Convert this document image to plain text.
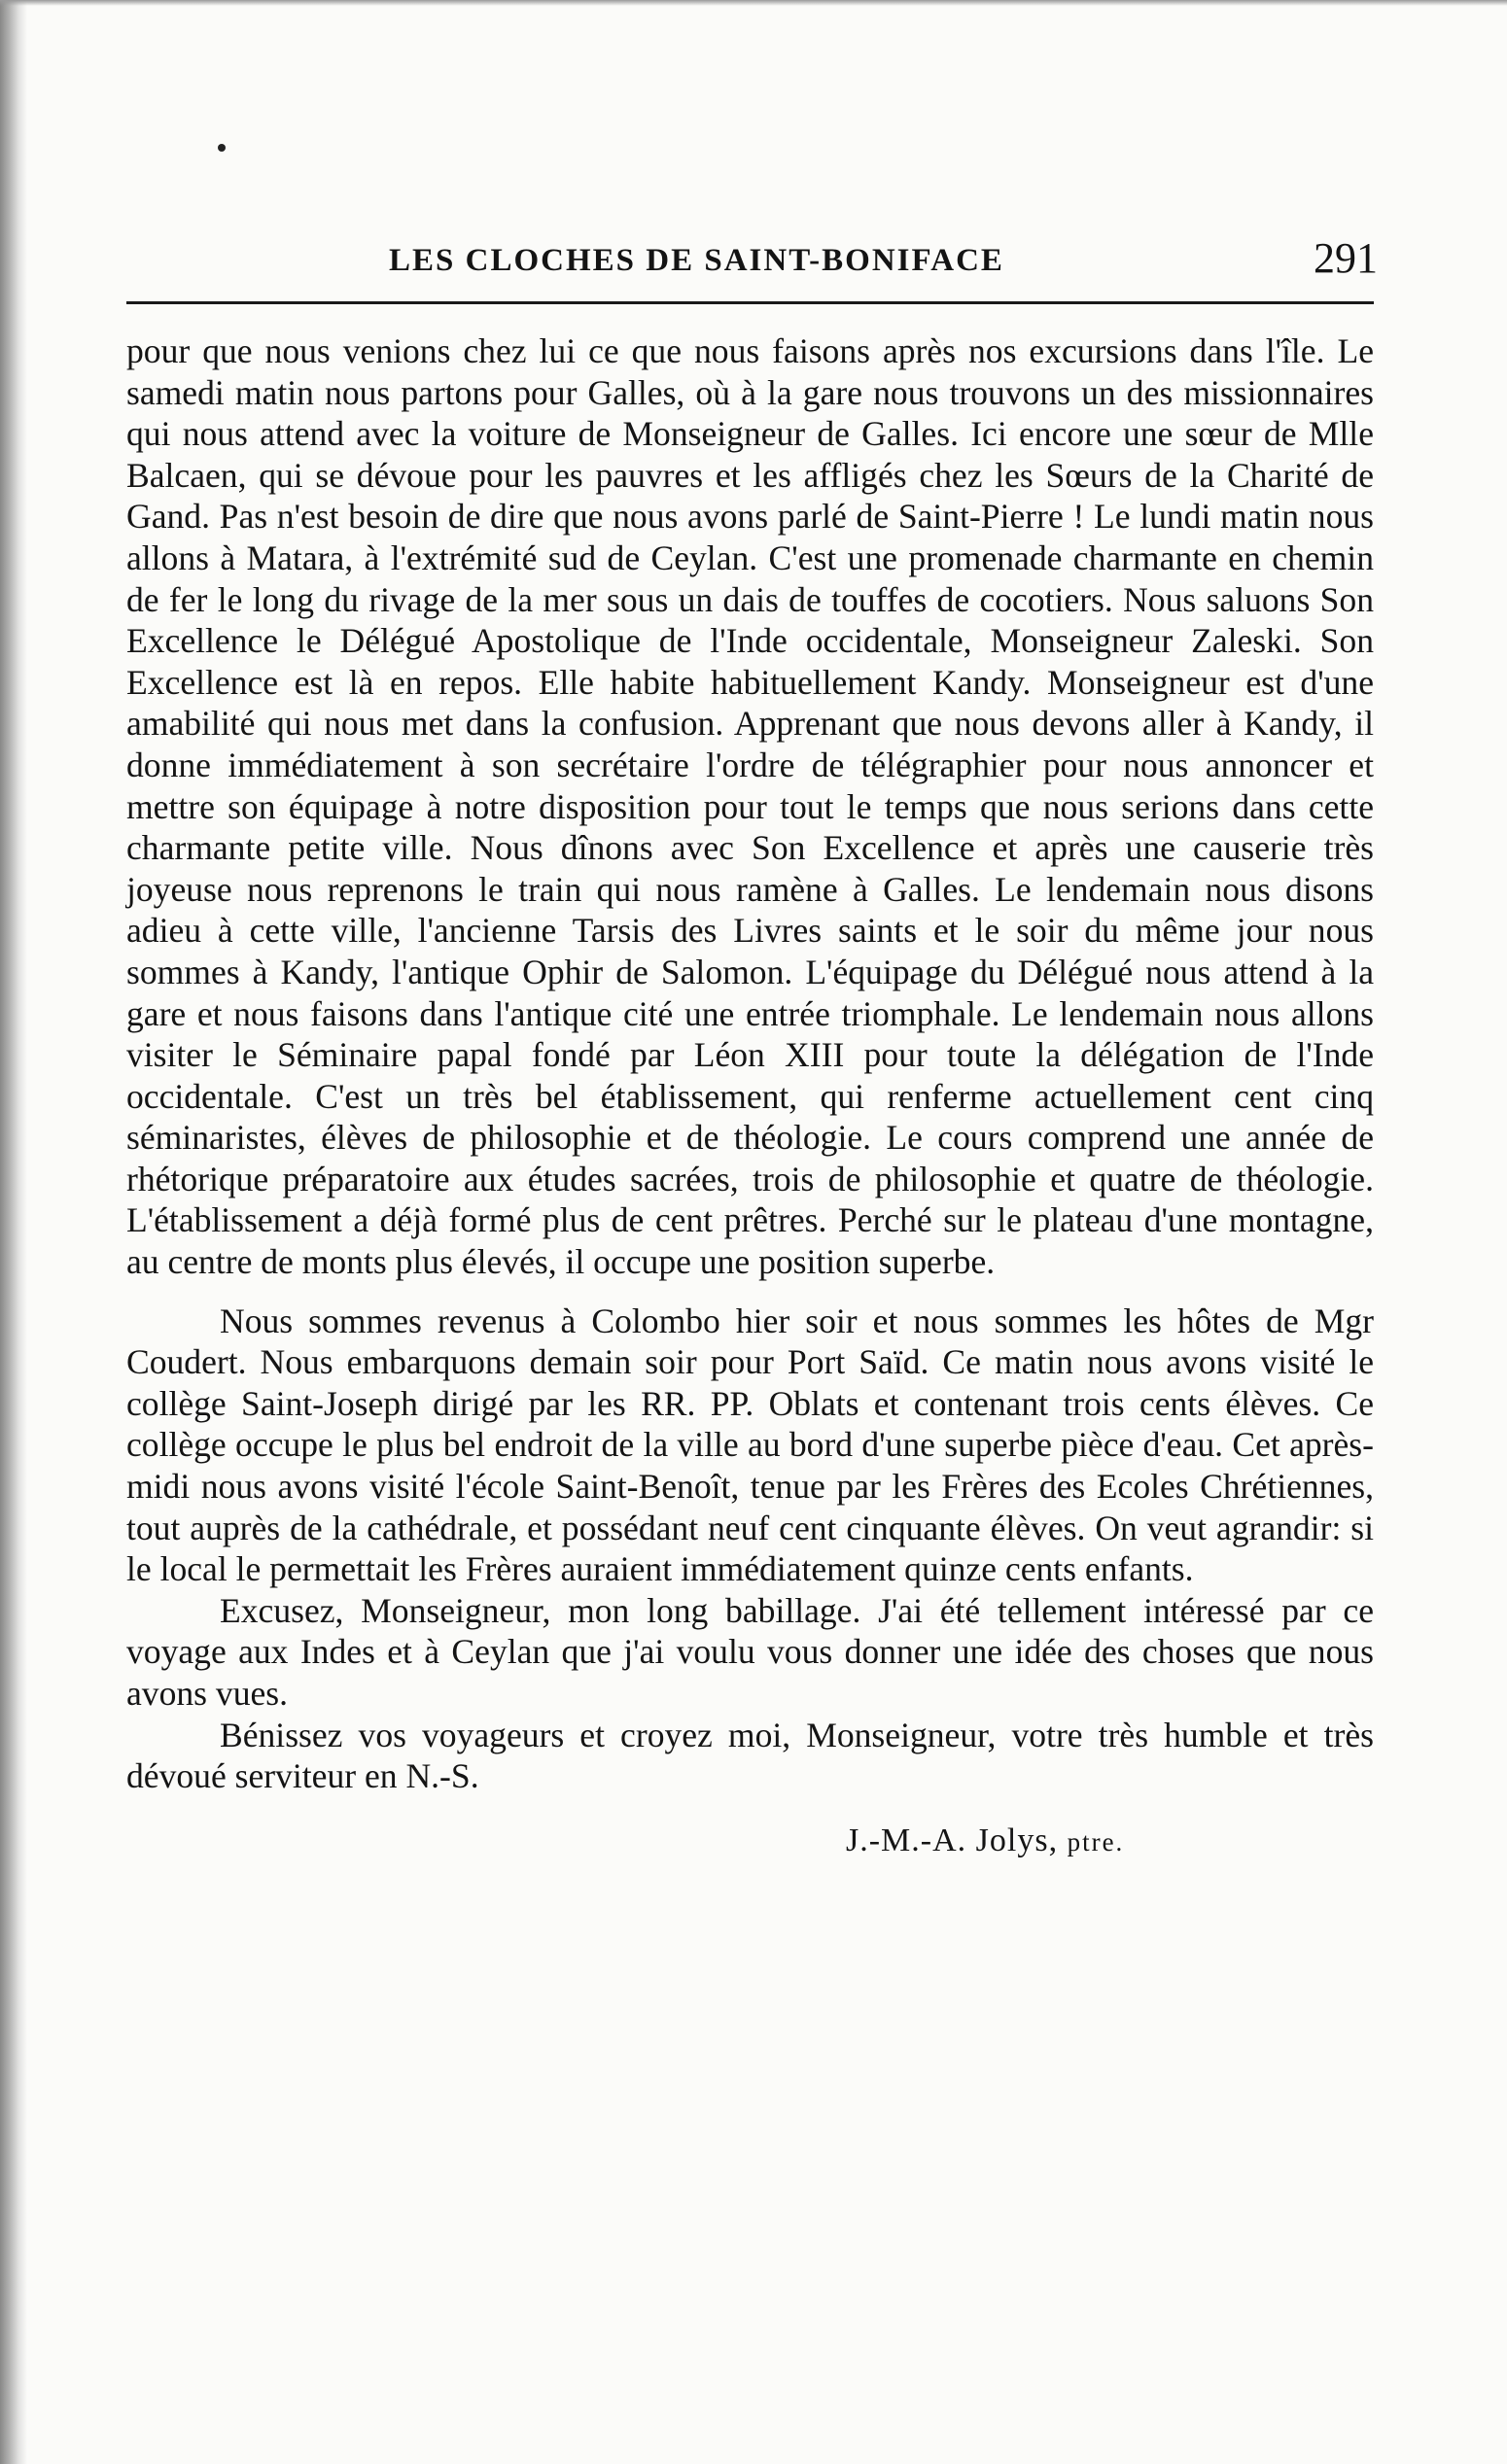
LES CLOCHES DE SAINT-BONIFACE	291

pour que nous venions chez lui ce que nous faisons après nos excursions dans l'île. Le samedi matin nous partons pour Galles, où à la gare nous trouvons un des missionnaires qui nous attend avec la voiture de Monseigneur de Galles. Ici encore une sœur de Mlle Balcaen, qui se dévoue pour les pauvres et les affligés chez les Sœurs de la Charité de Gand. Pas n'est besoin de dire que nous avons parlé de Saint-Pierre ! Le lundi matin nous allons à Matara, à l'extrémité sud de Ceylan. C'est une promenade charmante en chemin de fer le long du rivage de la mer sous un dais de touffes de cocotiers. Nous saluons Son Excellence le Délégué Apostolique de l'Inde occidentale, Monseigneur Zaleski. Son Excellence est là en repos. Elle habite habituellement Kandy. Monseigneur est d'une amabilité qui nous met dans la confusion. Apprenant que nous devons aller à Kandy, il donne immédiatement à son secrétaire l'ordre de télégraphier pour nous annoncer et mettre son équipage à notre disposition pour tout le temps que nous serions dans cette charmante petite ville. Nous dînons avec Son Excellence et après une causerie très joyeuse nous reprenons le train qui nous ramène à Galles. Le lendemain nous disons adieu à cette ville, l'ancienne Tarsis des Livres saints et le soir du même jour nous sommes à Kandy, l'antique Ophir de Salomon. L'équipage du Délégué nous attend à la gare et nous faisons dans l'antique cité une entrée triomphale. Le lendemain nous allons visiter le Séminaire papal fondé par Léon XIII pour toute la délégation de l'Inde occidentale. C'est un très bel établissement, qui renferme actuellement cent cinq séminaristes, élèves de philosophie et de théologie. Le cours comprend une année de rhétorique préparatoire aux études sacrées, trois de philosophie et quatre de théologie. L'établissement a déjà formé plus de cent prêtres. Perché sur le plateau d'une montagne, au centre de monts plus élevés, il occupe une position superbe.

Nous sommes revenus à Colombo hier soir et nous sommes les hôtes de Mgr Coudert. Nous embarquons demain soir pour Port Saïd. Ce matin nous avons visité le collège Saint-Joseph dirigé par les RR. PP. Oblats et contenant trois cents élèves. Ce collège occupe le plus bel endroit de la ville au bord d'une superbe pièce d'eau. Cet après-midi nous avons visité l'école Saint-Benoît, tenue par les Frères des Ecoles Chrétiennes, tout auprès de la cathédrale, et possédant neuf cent cinquante élèves. On veut agrandir: si le local le permettait les Frères auraient immédiatement quinze cents enfants.

Excusez, Monseigneur, mon long babillage. J'ai été tellement intéressé par ce voyage aux Indes et à Ceylan que j'ai voulu vous donner une idée des choses que nous avons vues.

Bénissez vos voyageurs et croyez moi, Monseigneur, votre très humble et très dévoué serviteur en N.-S.

J.-M.-A. Jolys, ptre.
